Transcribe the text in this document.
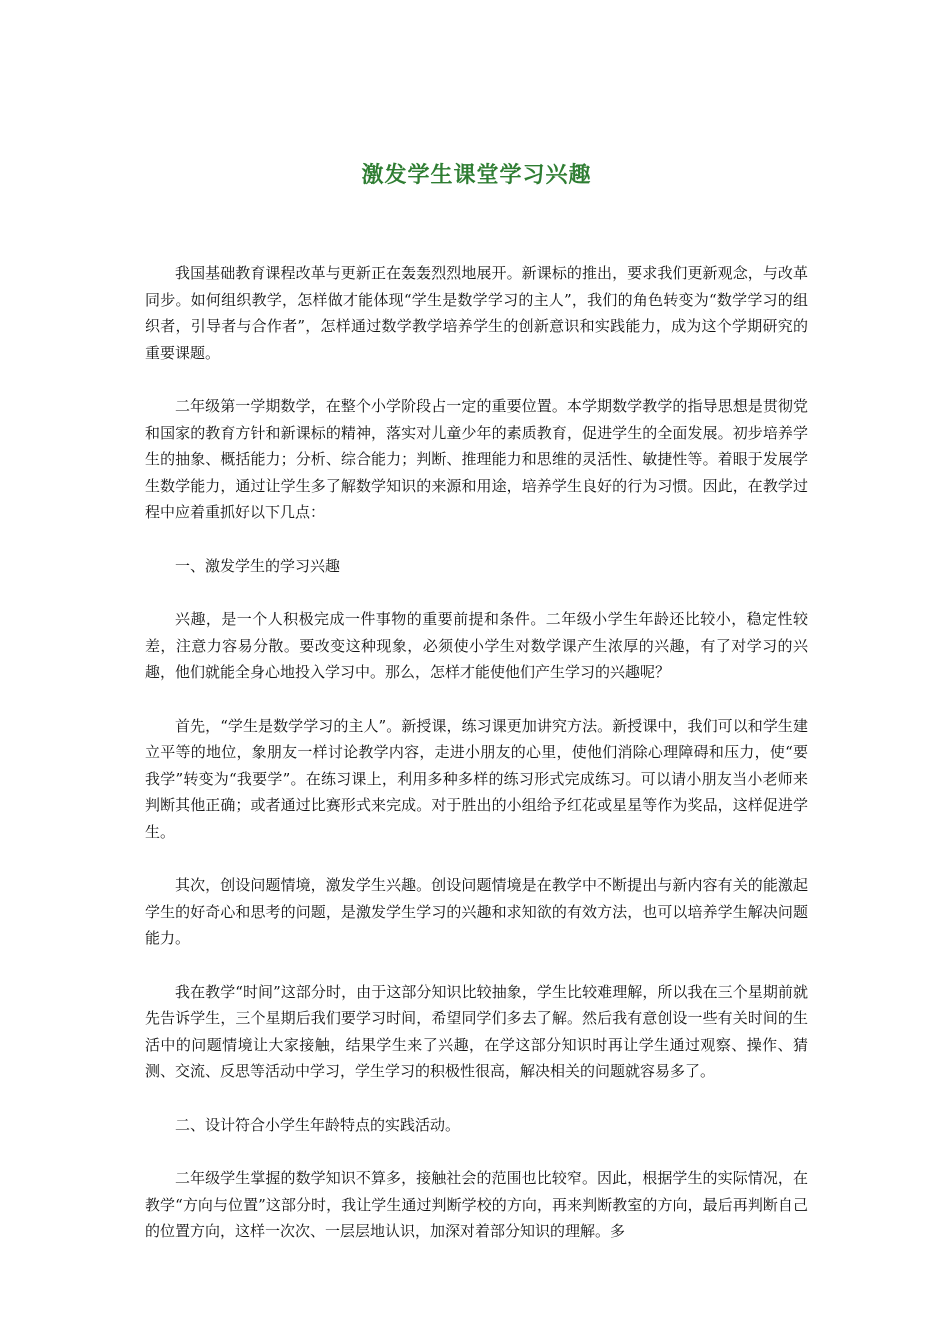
激发学生课堂学习兴趣

我国基础教育课程改革与更新正在轰轰烈烈地展开。新课标的推出，要求我们更新观念，与改革同步。如何组织教学，怎样做才能体现“学生是数学学习的主人”，我们的角色转变为“数学学习的组织者，引导者与合作者”，怎样通过数学教学培养学生的创新意识和实践能力，成为这个学期研究的重要课题。

二年级第一学期数学，在整个小学阶段占一定的重要位置。本学期数学教学的指导思想是贯彻党和国家的教育方针和新课标的精神，落实对儿童少年的素质教育，促进学生的全面发展。初步培养学生的抽象、概括能力；分析、综合能力；判断、推理能力和思维的灵活性、敏捷性等。着眼于发展学生数学能力，通过让学生多了解数学知识的来源和用途，培养学生良好的行为习惯。因此，在教学过程中应着重抓好以下几点：

一、激发学生的学习兴趣

兴趣，是一个人积极完成一件事物的重要前提和条件。二年级小学生年龄还比较小，稳定性较差，注意力容易分散。要改变这种现象，必须使小学生对数学课产生浓厚的兴趣，有了对学习的兴趣，他们就能全身心地投入学习中。那么，怎样才能使他们产生学习的兴趣呢？

首先，“学生是数学学习的主人”。新授课，练习课更加讲究方法。新授课中，我们可以和学生建立平等的地位，象朋友一样讨论教学内容，走进小朋友的心里，使他们消除心理障碍和压力，使“要我学”转变为“我要学”。在练习课上，利用多种多样的练习形式完成练习。可以请小朋友当小老师来判断其他正确；或者通过比赛形式来完成。对于胜出的小组给予红花或星星等作为奖品，这样促进学生。

其次，创设问题情境，激发学生兴趣。创设问题情境是在教学中不断提出与新内容有关的能激起学生的好奇心和思考的问题，是激发学生学习的兴趣和求知欲的有效方法，也可以培养学生解决问题能力。

我在教学“时间”这部分时，由于这部分知识比较抽象，学生比较难理解，所以我在三个星期前就先告诉学生，三个星期后我们要学习时间，希望同学们多去了解。然后我有意创设一些有关时间的生活中的问题情境让大家接触，结果学生来了兴趣，在学这部分知识时再让学生通过观察、操作、猜测、交流、反思等活动中学习，学生学习的积极性很高，解决相关的问题就容易多了。

二、设计符合小学生年龄特点的实践活动。

二年级学生掌握的数学知识不算多，接触社会的范围也比较窄。因此，根据学生的实际情况，在教学“方向与位置”这部分时，我让学生通过判断学校的方向，再来判断教室的方向，最后再判断自己的位置方向，这样一次次、一层层地认识，加深对着部分知识的理解。多
